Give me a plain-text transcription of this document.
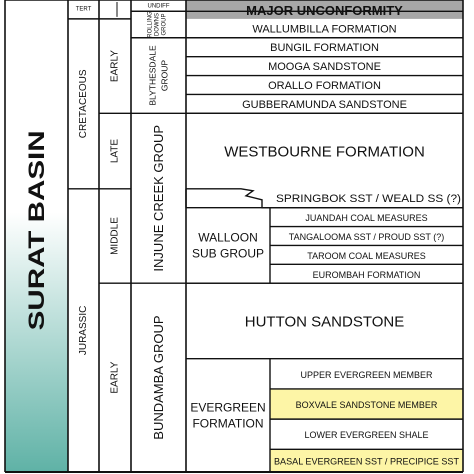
SURAT BASIN
MAJOR UNCONFORMITY
TERT
CRETACEOUS
JURASSIC
EARLY
LATE
MIDDLE
EARLY
UNDIFF
ROLLING DOWNS GROUP
BLYTHESDALE GROUP
INJUNE CREEK GROUP
BUNDAMBA GROUP
WALLUMBILLA FORMATION
BUNGIL FORMATION
MOOGA SANDSTONE
ORALLO FORMATION
GUBBERAMUNDA SANDSTONE
WESTBOURNE FORMATION
SPRINGBOK SST / WEALD SS (?)
JUANDAH COAL MEASURES
TANGALOOMA SST / PROUD SST (?)
TAROOM COAL MEASURES
EUROMBAH FORMATION
HUTTON SANDSTONE
UPPER EVERGREEN MEMBER
BOXVALE SANDSTONE MEMBER
LOWER EVERGREEN SHALE
BASAL EVERGREEN SST / PRECIPICE SST
WALLOON
SUB GROUP
EVERGREEN
FORMATION
